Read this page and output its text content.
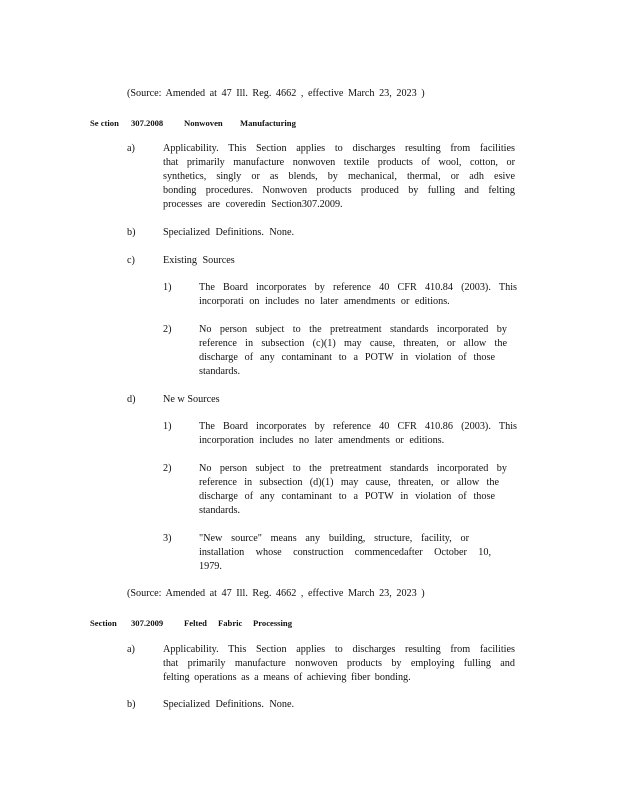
(Source: Amended at 47 Ill. Reg. 4662 , effective March 23, 2023 )
Se ction 307.2008 Nonwoven Manufacturing
a)	Applicability. This Section applies to discharges resulting from facilities
that primarily manufacture nonwoven textile products of wool, cotton, or
synthetics, singly or as blends, by mechanical, thermal, or adh esive
bonding procedures. Nonwoven products produced by fulling and felting
processes are coveredin Section307.2009.
b)	Specialized Definitions. None.
c)	Existing Sources
1)	The Board incorporates by reference 40 CFR 410.84 (2003). This
incorporati on includes no later amendments or editions.
2)	No person subject to the pretreatment standards incorporated by
reference in subsection (c)(1) may cause, threaten, or allow the
discharge of any contaminant to a POTW in violation of those
standards.
d)	Ne w Sources
1)	The Board incorporates by reference 40 CFR 410.86 (2003). This
incorporation includes no later amendments or editions.
2)	No person subject to the pretreatment standards incorporated by
reference in subsection (d)(1) may cause, threaten, or allow the
discharge of any contaminant to a POTW in violation of those
standards.
3)	"New source" means any building, structure, facility, or
installation whose construction commencedafter October 10,
1979.
(Source: Amended at 47 Ill. Reg. 4662 , effective March 23, 2023 )
Section 307.2009 Felted Fabric Processing
a)	Applicability. This Section applies to discharges resulting from facilities
that primarily manufacture nonwoven products by employing fulling and
felting operations as a means of achieving fiber bonding.
b)	Specialized Definitions. None.
